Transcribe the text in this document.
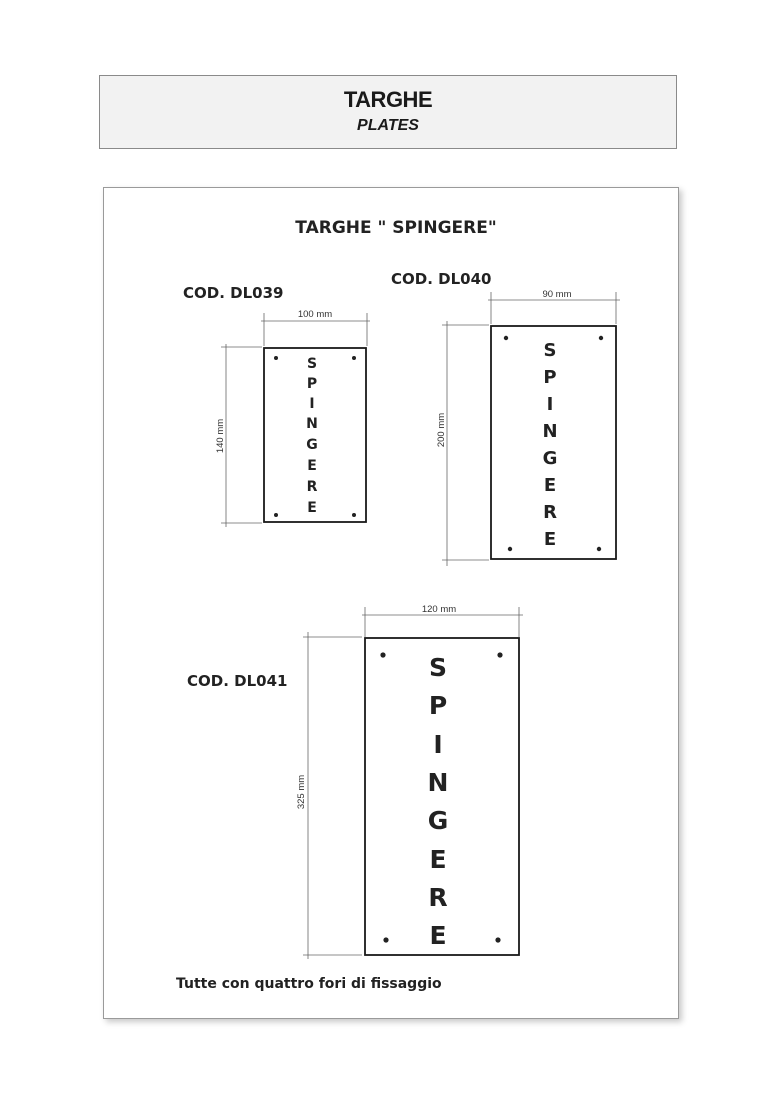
TARGHE
PLATES
TARGHE " SPINGERE"
COD. DL039
100 mm
140 mm
S
P
I
N
G
E
R
E
COD. DL040
90 mm
200 mm
S
P
I
N
G
E
R
E
COD. DL041
120 mm
325 mm
S
P
I
N
G
E
R
E
Tutte con quattro fori di fissaggio
